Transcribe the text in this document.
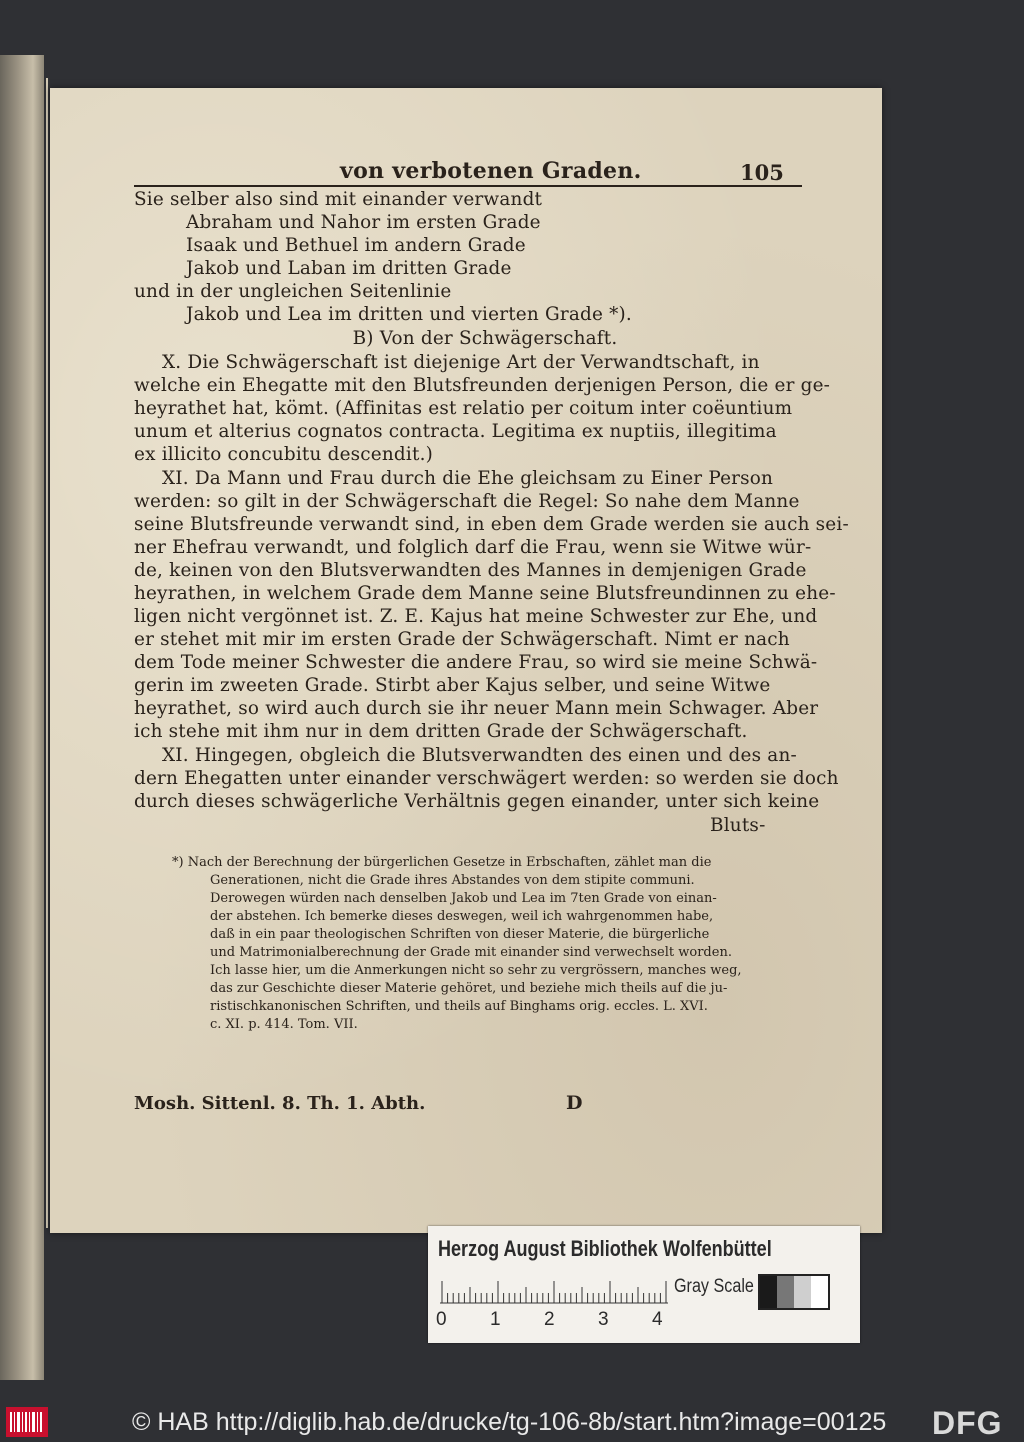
von verbotenen Graden.	105
Sie selber also sind mit einander verwandt
Abraham und Nahor im ersten Grade
Isaak und Bethuel im andern Grade
Jakob und Laban im dritten Grade
und in der ungleichen Seitenlinie
Jakob und Lea im dritten und vierten Grade *).
B) Von der Schwägerschaft.
X. Die Schwägerschaft ist diejenige Art der Verwandtschaft, in
welche ein Ehegatte mit den Blutsfreunden derjenigen Person, die er ge-
heyrathet hat, kömt. (Affinitas est relatio per coitum inter coëuntium
unum et alterius cognatos contracta. Legitima ex nuptiis, illegitima
ex illicito concubitu descendit.)
XI. Da Mann und Frau durch die Ehe gleichsam zu Einer Person
werden: so gilt in der Schwägerschaft die Regel: So nahe dem Manne
seine Blutsfreunde verwandt sind, in eben dem Grade werden sie auch sei-
ner Ehefrau verwandt, und folglich darf die Frau, wenn sie Witwe wür-
de, keinen von den Blutsverwandten des Mannes in demjenigen Grade
heyrathen, in welchem Grade dem Manne seine Blutsfreundinnen zu ehe-
ligen nicht vergönnet ist. Z. E. Kajus hat meine Schwester zur Ehe, und
er stehet mit mir im ersten Grade der Schwägerschaft. Nimt er nach
dem Tode meiner Schwester die andere Frau, so wird sie meine Schwä-
gerin im zweeten Grade. Stirbt aber Kajus selber, und seine Witwe
heyrathet, so wird auch durch sie ihr neuer Mann mein Schwager. Aber
ich stehe mit ihm nur in dem dritten Grade der Schwägerschaft.
XI. Hingegen, obgleich die Blutsverwandten des einen und des an-
dern Ehegatten unter einander verschwägert werden: so werden sie doch
durch dieses schwägerliche Verhältnis gegen einander, unter sich keine
Bluts-
*) Nach der Berechnung der bürgerlichen Gesetze in Erbschaften, zählet man die
Generationen, nicht die Grade ihres Abstandes von dem stipite communi.
Derowegen würden nach denselben Jakob und Lea im 7ten Grade von einan-
der abstehen. Ich bemerke dieses deswegen, weil ich wahrgenommen habe,
daß in ein paar theologischen Schriften von dieser Materie, die bürgerliche
und Matrimonialberechnung der Grade mit einander sind verwechselt worden.
Ich lasse hier, um die Anmerkungen nicht so sehr zu vergrössern, manches weg,
das zur Geschichte dieser Materie gehöret, und beziehe mich theils auf die ju-
ristischkanonischen Schriften, und theils auf Binghams orig. eccles. L. XVI.
c. XI. p. 414. Tom. VII.
Mosh. Sittenl. 8. Th. 1. Abth.	D
Herzog August Bibliothek Wolfenbüttel
0 1 2 3 4
Gray Scale
© HAB http://diglib.hab.de/drucke/tg-106-8b/start.htm?image=00125 DFG
